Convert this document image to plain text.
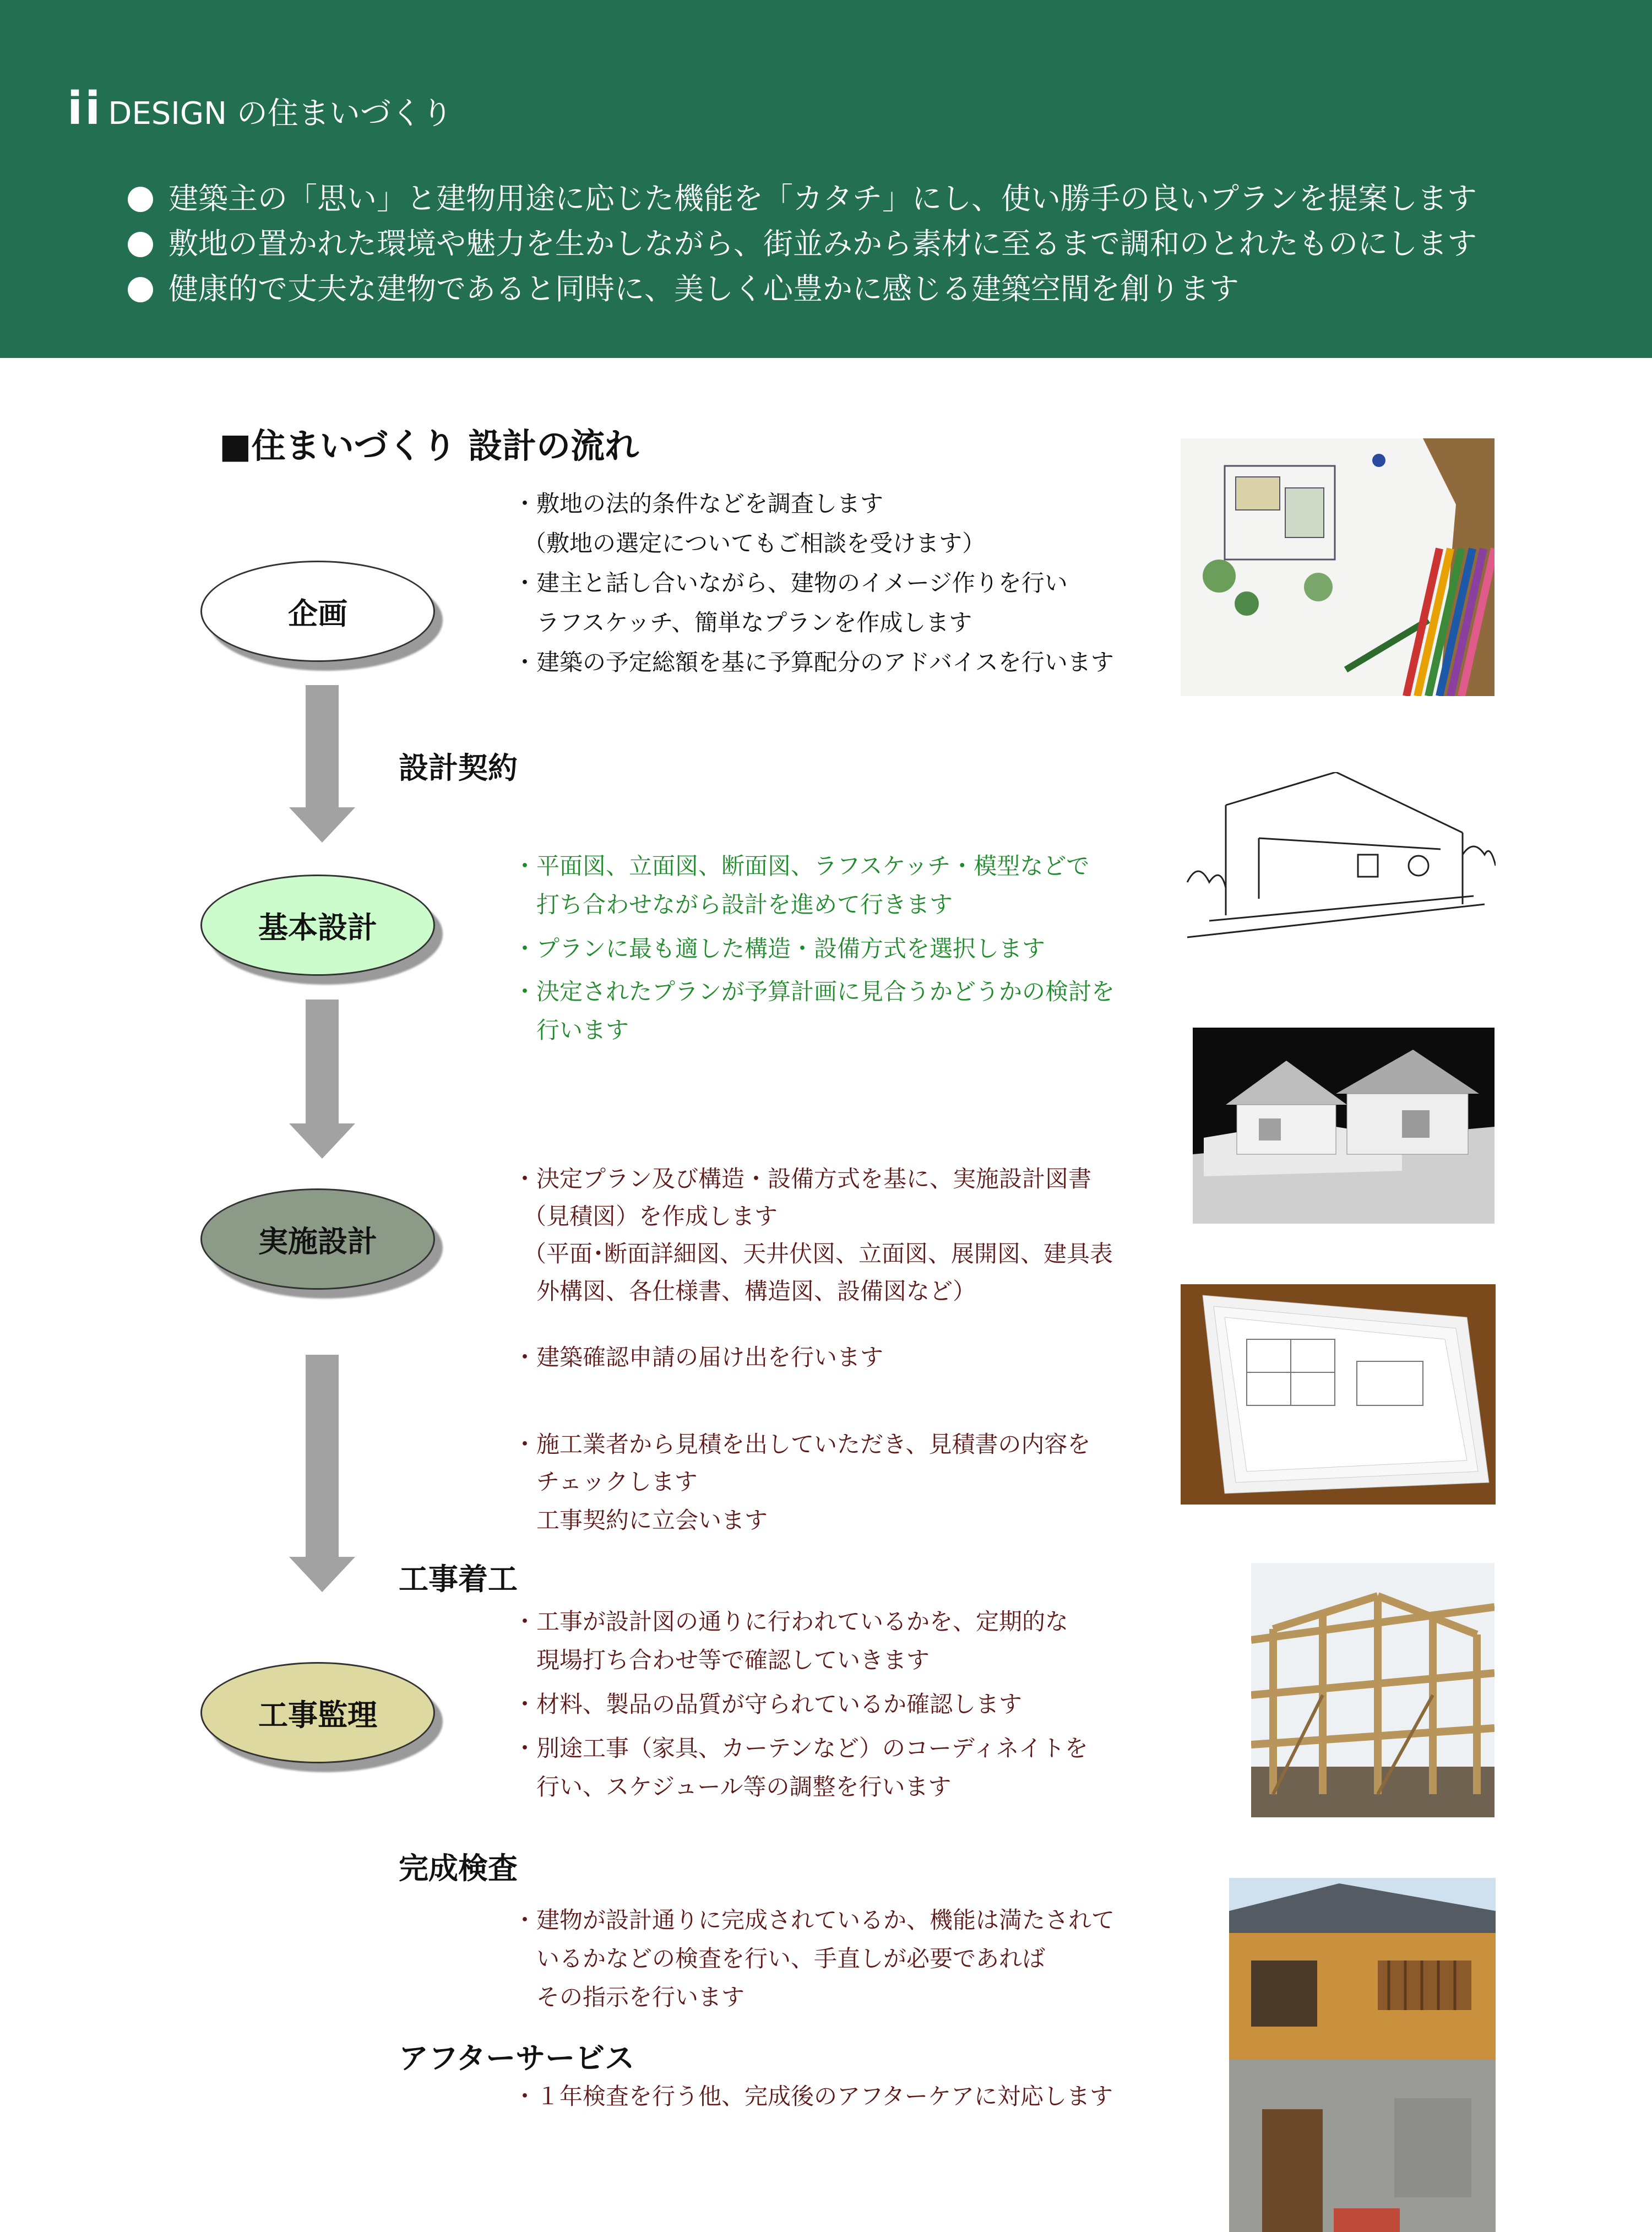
ii DESIGN の住まいづくり
建築主の「思い」と建物用途に応じた機能を「カタチ」にし、使い勝手の良いプランを提案します
敷地の置かれた環境や魅力を生かしながら、街並みから素材に至るまで調和のとれたものにします
健康的で丈夫な建物であると同時に、美しく心豊かに感じる建築空間を創ります
■住まいづくり 設計の流れ
企画
基本設計
実施設計
工事監理
設計契約
工事着工
完成検査
アフターサービス
・敷地の法的条件などを調査します
（敷地の選定についてもご相談を受けます）
・建主と話し合いながら、建物のイメージ作りを行い
ラフスケッチ、簡単なプランを作成します
・建築の予定総額を基に予算配分のアドバイスを行います
・平面図、立面図、断面図、ラフスケッチ・模型などで
打ち合わせながら設計を進めて行きます
・プランに最も適した構造・設備方式を選択します
・決定されたプランが予算計画に見合うかどうかの検討を
行います
・決定プラン及び構造・設備方式を基に、実施設計図書
（見積図）を作成します
（平面･断面詳細図、天井伏図、立面図、展開図、建具表
外構図、各仕様書、構造図、設備図など）
・建築確認申請の届け出を行います
・施工業者から見積を出していただき、見積書の内容を
チェックします
工事契約に立会います
・工事が設計図の通りに行われているかを、定期的な
現場打ち合わせ等で確認していきます
・材料、製品の品質が守られているか確認します
・別途工事（家具、カーテンなど）のコーディネイトを
行い、スケジュール等の調整を行います
・建物が設計通りに完成されているか、機能は満たされて
いるかなどの検査を行い、手直しが必要であれば
その指示を行います
・１年検査を行う他、完成後のアフターケアに対応します
